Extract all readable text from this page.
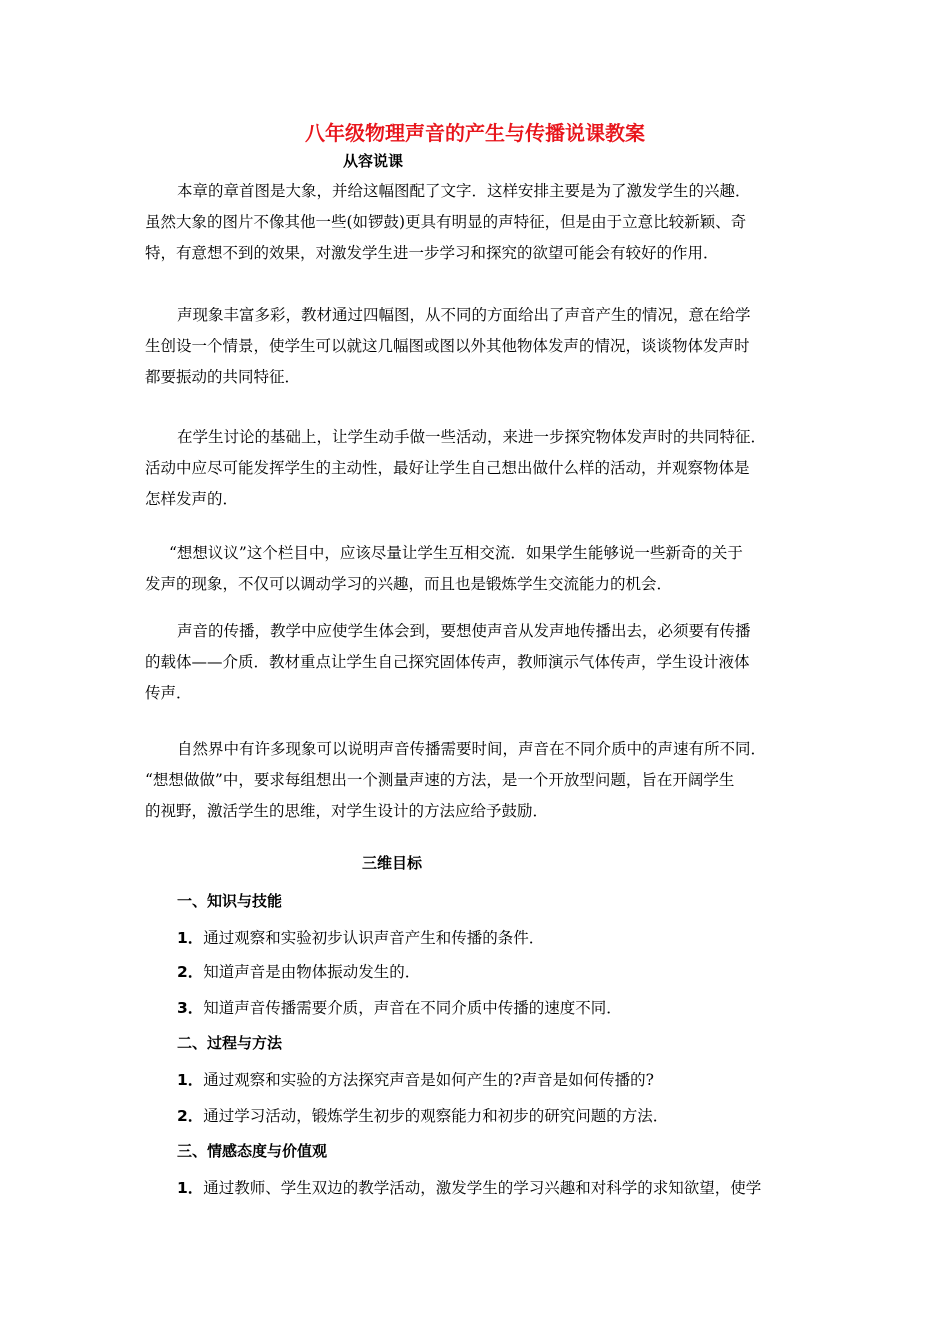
八年级物理声音的产生与传播说课教案
从容说课
本章的章首图是大象，并给这幅图配了文字．这样安排主要是为了激发学生的兴趣．
虽然大象的图片不像其他一些(如锣鼓)更具有明显的声特征，但是由于立意比较新颖、奇
特，有意想不到的效果，对激发学生进一步学习和探究的欲望可能会有较好的作用．
声现象丰富多彩，教材通过四幅图，从不同的方面给出了声音产生的情况，意在给学
生创设一个情景，使学生可以就这几幅图或图以外其他物体发声的情况，谈谈物体发声时
都要振动的共同特征．
在学生讨论的基础上，让学生动手做一些活动，来进一步探究物体发声时的共同特征．
活动中应尽可能发挥学生的主动性，最好让学生自己想出做什么样的活动，并观察物体是
怎样发声的．
“想想议议”这个栏目中，应该尽量让学生互相交流．如果学生能够说一些新奇的关于
发声的现象，不仅可以调动学习的兴趣，而且也是锻炼学生交流能力的机会．
声音的传播，教学中应使学生体会到，要想使声音从发声地传播出去，必须要有传播
的载体——介质．教材重点让学生自己探究固体传声，教师演示气体传声，学生设计液体
传声．
自然界中有许多现象可以说明声音传播需要时间，声音在不同介质中的声速有所不同．
“想想做做”中，要求每组想出一个测量声速的方法，是一个开放型问题，旨在开阔学生
的视野，激活学生的思维，对学生设计的方法应给予鼓励．
三维目标
一、知识与技能
1．通过观察和实验初步认识声音产生和传播的条件．
2．知道声音是由物体振动发生的．
3．知道声音传播需要介质，声音在不同介质中传播的速度不同．
二、过程与方法
1．通过观察和实验的方法探究声音是如何产生的?声音是如何传播的?
2．通过学习活动，锻炼学生初步的观察能力和初步的研究问题的方法．
三、情感态度与价值观
1．通过教师、学生双边的教学活动，激发学生的学习兴趣和对科学的求知欲望，使学
